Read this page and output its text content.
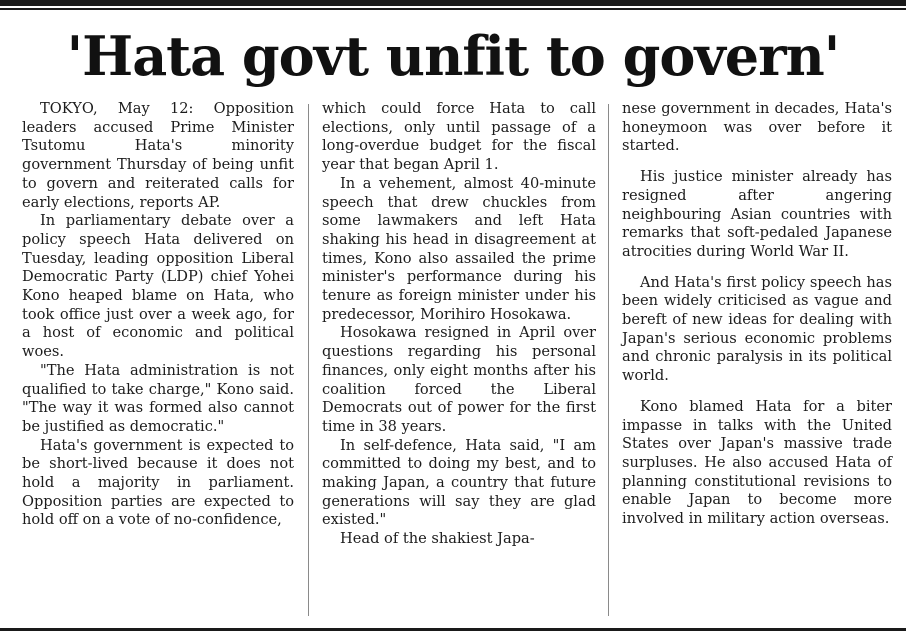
'Hata govt unfit to govern'

TOKYO, May 12: Opposition leaders accused Prime Minister Tsutomu Hata's minority government Thursday of being unfit to govern and reiterated calls for early elections, reports AP.

In parliamentary debate over a policy speech Hata delivered on Tuesday, leading opposition Liberal Democratic Party (LDP) chief Yohei Kono heaped blame on Hata, who took office just over a week ago, for a host of economic and political woes.

"The Hata administration is not qualified to take charge," Kono said. "The way it was formed also cannot be justified as democratic."

Hata's government is expected to be short-lived because it does not hold a majority in parliament. Opposition parties are expected to hold off on a vote of no-confidence,

which could force Hata to call elections, only until passage of a long-overdue budget for the fiscal year that began April 1.

In a vehement, almost 40-minute speech that drew chuckles from some lawmakers and left Hata shaking his head in disagreement at times, Kono also assailed the prime minister's performance during his tenure as foreign minister under his predecessor, Morihiro Hosokawa.

Hosokawa resigned in April over questions regarding his personal finances, only eight months after his coalition forced the Liberal Democrats out of power for the first time in 38 years.

In self-defence, Hata said, "I am committed to doing my best, and to making Japan, a country that future generations will say they are glad existed."

Head of the shakiest Japa-

nese government in decades, Hata's honeymoon was over before it started.

His justice minister already has resigned after angering neighbouring Asian countries with remarks that soft-pedaled Japanese atrocities during World War II.

And Hata's first policy speech has been widely criticised as vague and bereft of new ideas for dealing with Japan's serious economic problems and chronic paralysis in its political world.

Kono blamed Hata for a biter impasse in talks with the United States over Japan's massive trade surpluses. He also accused Hata of planning constitutional revisions to enable Japan to become more involved in military action overseas.
